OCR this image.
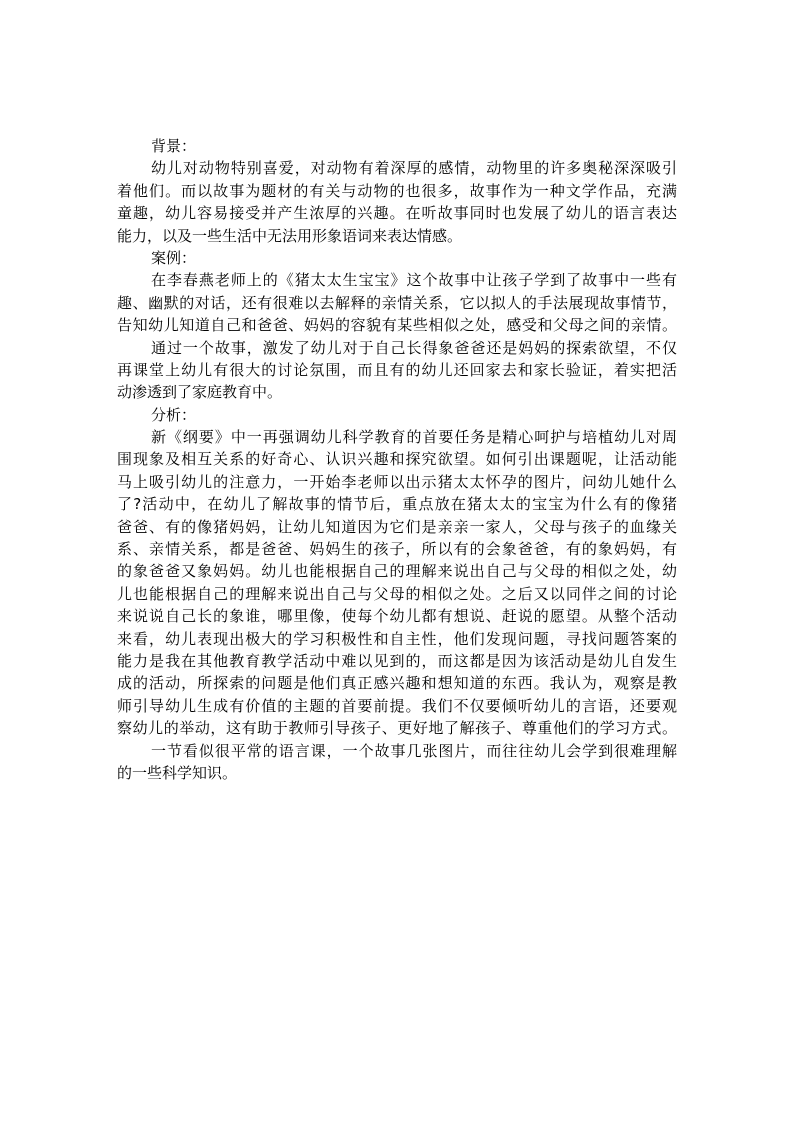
背景：
幼儿对动物特别喜爱，对动物有着深厚的感情，动物里的许多奥秘深深吸引
着他们。而以故事为题材的有关与动物的也很多，故事作为一种文学作品，充满
童趣，幼儿容易接受并产生浓厚的兴趣。在听故事同时也发展了幼儿的语言表达
能力，以及一些生活中无法用形象语词来表达情感。
案例：
在李春燕老师上的《猪太太生宝宝》这个故事中让孩子学到了故事中一些有
趣、幽默的对话，还有很难以去解释的亲情关系，它以拟人的手法展现故事情节，
告知幼儿知道自己和爸爸、妈妈的容貌有某些相似之处，感受和父母之间的亲情。
通过一个故事，激发了幼儿对于自己长得象爸爸还是妈妈的探索欲望，不仅
再课堂上幼儿有很大的讨论氛围，而且有的幼儿还回家去和家长验证，着实把活
动渗透到了家庭教育中。
分析：
新《纲要》中一再强调幼儿科学教育的首要任务是精心呵护与培植幼儿对周
围现象及相互关系的好奇心、认识兴趣和探究欲望。如何引出课题呢，让活动能
马上吸引幼儿的注意力，一开始李老师以出示猪太太怀孕的图片，问幼儿她什么
了?活动中，在幼儿了解故事的情节后，重点放在猪太太的宝宝为什么有的像猪
爸爸、有的像猪妈妈，让幼儿知道因为它们是亲亲一家人，父母与孩子的血缘关
系、亲情关系，都是爸爸、妈妈生的孩子，所以有的会象爸爸，有的象妈妈，有
的象爸爸又象妈妈。幼儿也能根据自己的理解来说出自己与父母的相似之处，幼
儿也能根据自己的理解来说出自己与父母的相似之处。之后又以同伴之间的讨论
来说说自己长的象谁，哪里像，使每个幼儿都有想说、赶说的愿望。从整个活动
来看，幼儿表现出极大的学习积极性和自主性，他们发现问题，寻找问题答案的
能力是我在其他教育教学活动中难以见到的，而这都是因为该活动是幼儿自发生
成的活动，所探索的问题是他们真正感兴趣和想知道的东西。我认为，观察是教
师引导幼儿生成有价值的主题的首要前提。我们不仅要倾听幼儿的言语，还要观
察幼儿的举动，这有助于教师引导孩子、更好地了解孩子、尊重他们的学习方式。
一节看似很平常的语言课，一个故事几张图片，而往往幼儿会学到很难理解
的一些科学知识。
